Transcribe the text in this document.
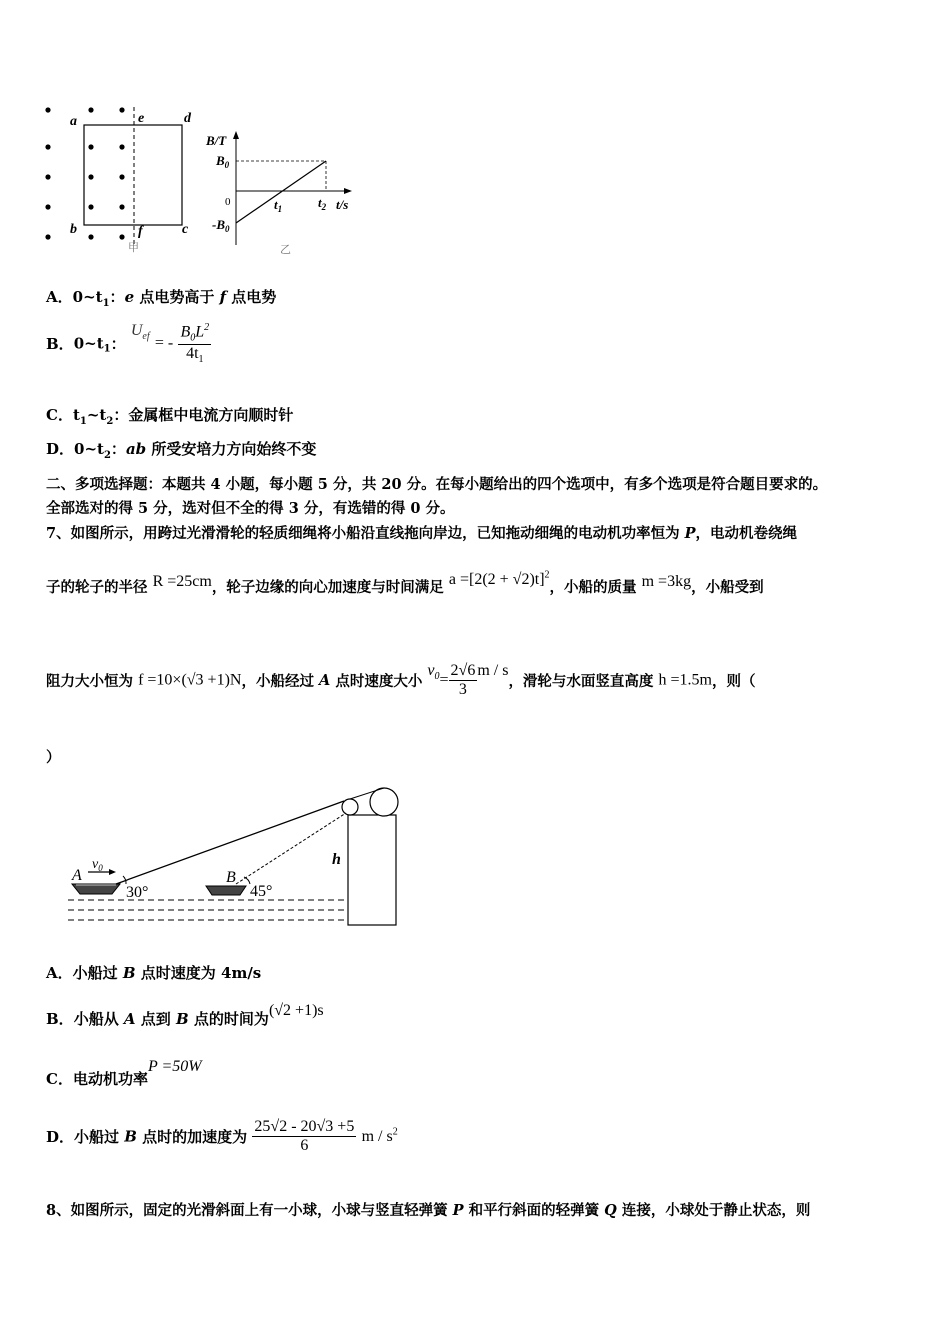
a
b	c
d
e
f
甲
B/T
t/s
$B_0$
$-B_0$
$t_1$	$t_2$
0
乙
A．$0\sim t_1$：e 点电势高于 f 点电势
B．$0\sim t_1$： $U_{ef}$ = - $\frac{B_0L^2}{4t_1}$
C．$t_1\sim t_2$：金属框中电流方向顺时针
D．$0\sim t_2$：ab 所受安培力方向始终不变
二、多项选择题：本题共 4 小题，每小题 5 分，共 20 分。在每小题给出的四个选项中，有多个选项是符合题目要求的。
全部选对的得 5 分，选对但不全的得 3 分，有选错的得 0 分。
7、如图所示，用跨过光滑滑轮的轻质细绳将小船沿直线拖向岸边，已知拖动细绳的电动机功率恒为 P，电动机卷绕绳
子的轮子的半径 R =25cm，轮子边缘的向心加速度与时间满足 $a =[2(2 + √2)t]^2$，小船的质量 m =3kg，小船受到
阻力大小恒为 f =10×(√3 +1)N，小船经过 A 点时速度大小 $v_0= \frac{2√6}{3}$ m / s，滑轮与水面竖直高度 h =1.5m，则（
）
A
$v_0$
30°
B
45°
h
A．小船过 B 点时速度为 4m/s
B．小船从 A 点到 B 点的时间为(√2 +1)s
C．电动机功率P =50W
D．小船过 B 点时的加速度为 $\frac{25√2 - 20√3 +5}{6}$ m / $s^2$
8、如图所示，固定的光滑斜面上有一小球，小球与竖直轻弹簧 P 和平行斜面的轻弹簧 Q 连接，小球处于静止状态，则
